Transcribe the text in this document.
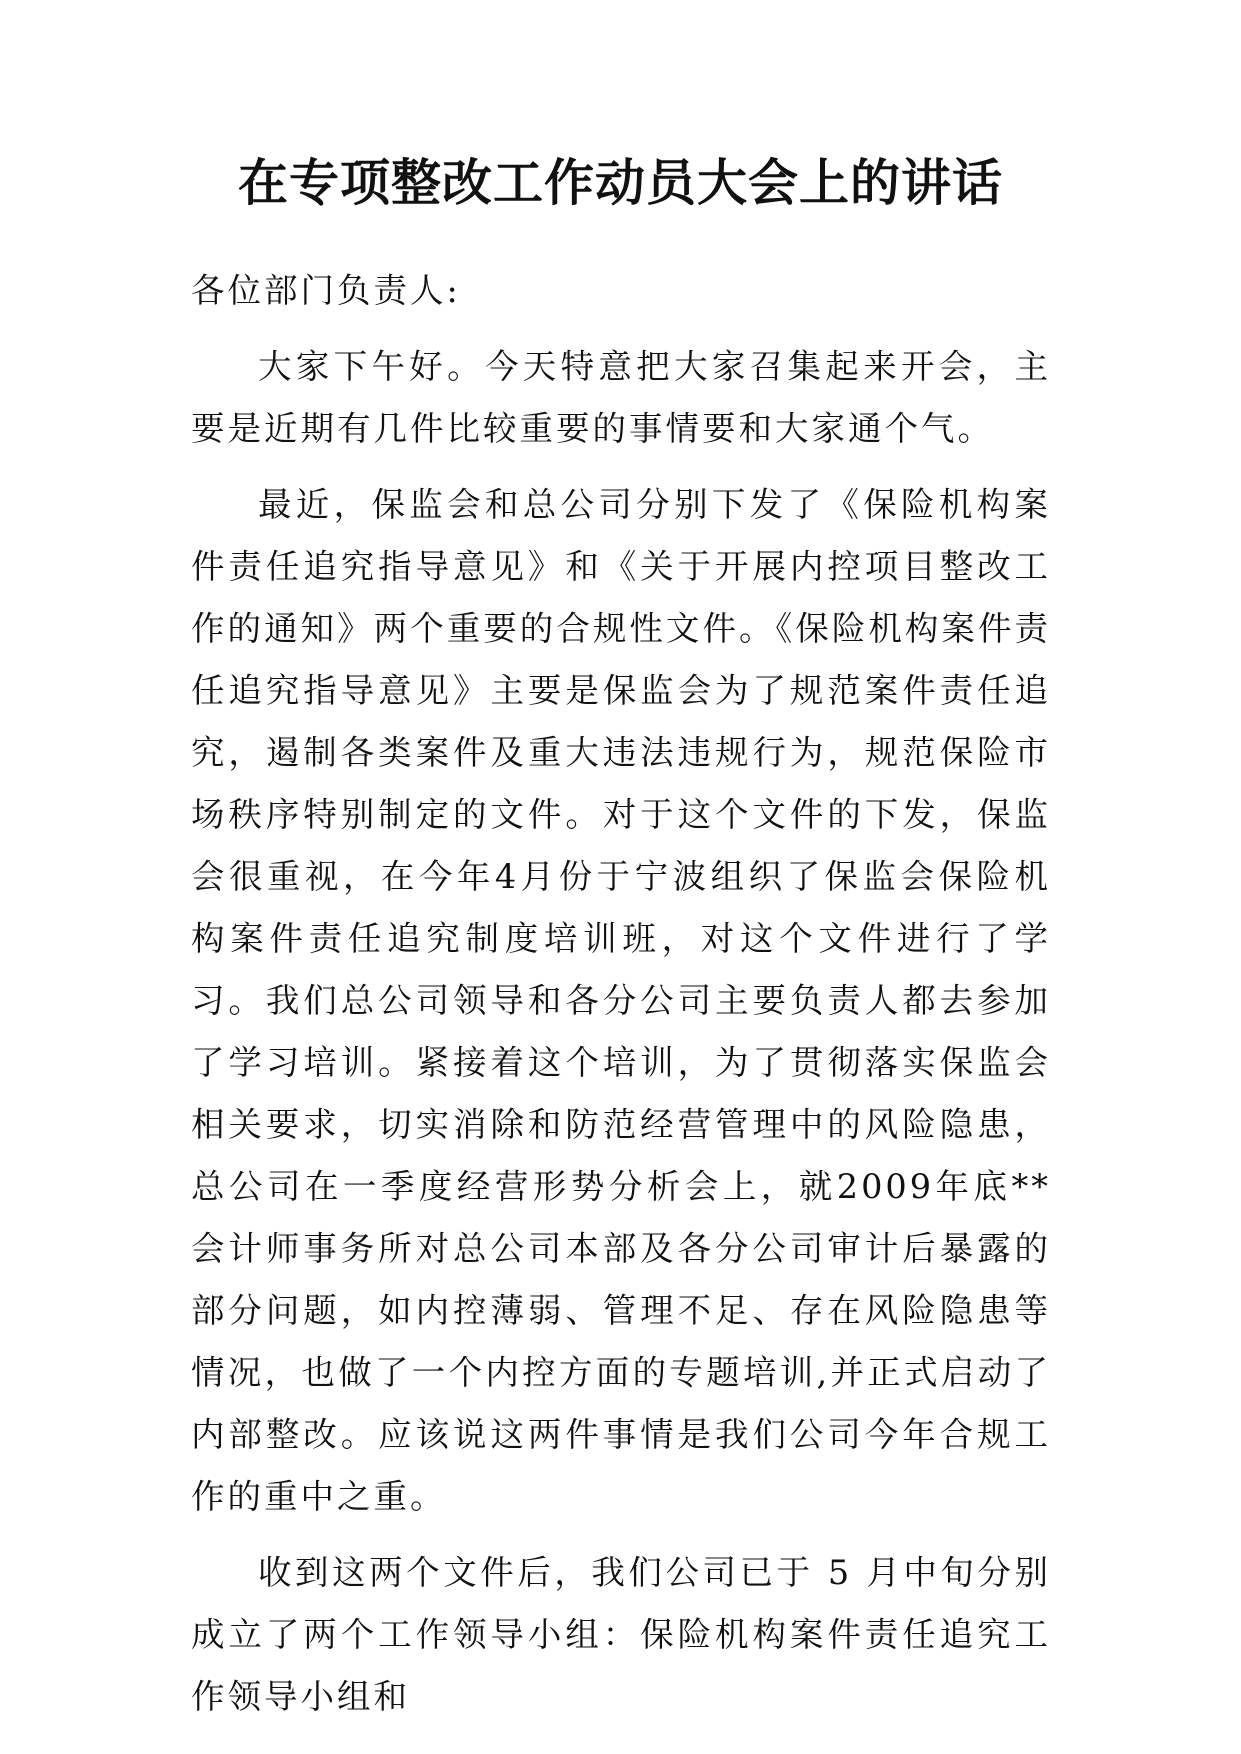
在专项整改工作动员大会上的讲话

各位部门负责人:

大家下午好。今天特意把大家召集起来开会，主要是近期有几件比较重要的事情要和大家通个气。

最近，保监会和总公司分别下发了《保险机构案件责任追究指导意见》和《关于开展内控项目整改工作的通知》两个重要的合规性文件。《保险机构案件责任追究指导意见》主要是保监会为了规范案件责任追究，遏制各类案件及重大违法违规行为，规范保险市场秩序特别制定的文件。对于这个文件的下发，保监会很重视，在今年4月份于宁波组织了保监会保险机构案件责任追究制度培训班，对这个文件进行了学习。我们总公司领导和各分公司主要负责人都去参加了学习培训。紧接着这个培训，为了贯彻落实保监会相关要求，切实消除和防范经营管理中的风险隐患，总公司在一季度经营形势分析会上，就2009年底**会计师事务所对总公司本部及各分公司审计后暴露的部分问题，如内控薄弱、管理不足、存在风险隐患等情况，也做了一个内控方面的专题培训,并正式启动了内部整改。应该说这两件事情是我们公司今年合规工作的重中之重。

收到这两个文件后，我们公司已于 5 月中旬分别成立了两个工作领导小组：保险机构案件责任追究工作领导小组和
